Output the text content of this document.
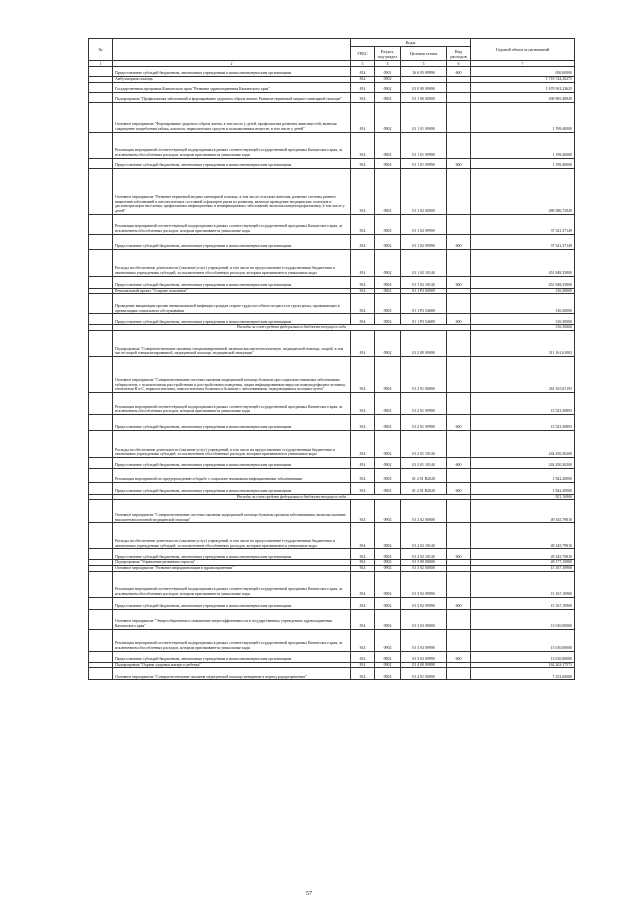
№		Коды				Годовой объем ассигнований
		ГРБС	Раздел, под-раздел	Целевая статья	Вид расходов	
1	2	3	4	5	6	7
	Предоставление субсидий бюджетным, автономным учреждениям и иным некоммерческим организациям	814	0901	16 6 05 09990	600	650,00000
	Амбулаторная помощь	814	0902			1 718 744,38275
	Государственная программа Камчатского края "Развитие здравоохранения Камчатского края"	814	0902	01 0 00 00000		1 670 941,23625
	Подпрограмма "Профилактика заболеваний и формирование здорового образа жизни. Развитие первичной медико-санитарной помощи"	814	0902	01 1 00 00000		490 905,48949
	Основное мероприятие "Формирование здорового образа жизни, в том числе у детей, профилактика развития зависимостей, включая сокращение потребления табака, алкоголя, наркотических средств и психоактивных веществ, в том числе у детей"	814	0902	01 1 01 00000		1 199,40000
	Реализация мероприятий соответствующей подпрограммы в рамках соответствующей государственной программы Камчатского края, за исключением обособленных расходов, которым присваиваются уникальные коды	814	0902	01 1 01 09990		1 199,40000
	Предоставление субсидий бюджетным, автономным учреждениям и иным некоммерческим организациям	814	0902	01 1 01 09990	600	1 199,40000
	Основное мероприятие "Развитие первичной медико-санитарной помощи, в том числе сельским жителям, развитие системы раннего выявления заболеваний и патологических состояний и факторов риска их развития, включая проведение медицинских осмотров и диспансеризации населения, профилактика инфекционных и неинфекционных заболеваний, включая иммунопрофилактику, в том числе у детей"	814	0902	01 1 02 00000		489 386,72949
	Реализация мероприятий соответствующей подпрограммы в рамках соответствующей государственной программы Камчатского края, за исключением обособленных расходов, которым присваиваются уникальные коды	814	0902	01 1 02 09990		37 541,37149
	Предоставление субсидий бюджетным, автономным учреждениям и иным некоммерческим организациям	814	0902	01 1 02 09990	600	37 541,37149
	Расходы на обеспечение деятельности (оказание услуг) учреждений, в том числе на предоставление государственным бюджетным и автономным учреждениям субсидий, за исключением обособленных расходов, которым присваиваются уникальные коды	814	0902	01 1 02 10140		451 848,35800
	Предоставление субсидий бюджетным, автономным учреждениям и иным некоммерческим организациям	814	0902	01 1 02 10140	600	451 848,35800
	Региональный проект "Старшее поколение"	814	0902	01 1 P3 00000		316,30000
	Проведение вакцинации против пневмококковой инфекции граждан старше трудоспособного возраста из групп риска, проживающих в организациях социального обслуживания	814	0902	01 1 P3 54680		316,30000
	Предоставление субсидий бюджетным, автономным учреждениям и иным некоммерческим организациям	814	0902	01 1 P3 54680	600	316,30000
	Расходы за счет средств федерального бюджета текущего года					316,30000
	Подпрограмма "Совершенствование оказания специализированной, включая высокотехнологичную, медицинской помощи, скорой, в том числе скорой специализированной, медицинской помощи, медицинской эвакуации"	814	0902	01 2 00 00000		311 161,61003
	Основное мероприятие "Совершенствование системы оказания медицинской помощи больным при социально-значимых заболеваниях: туберкулезом, с психическими расстройствами и расстройствами поведения, лицам инфицированным вирусом иммунодефицита человека, гепатитами В и С, наркологическим, онкологическим больным и больным с заболеваниями, передающимися половым путем"	814	0902	01 2 01 00000		261 815,81193
	Реализация мероприятий соответствующей подпрограммы в рамках соответствующей государственной программы Камчатского края, за исключением обособленных расходов, которым присваиваются уникальные коды	814	0902	01 2 01 09990		15 523,30893
	Предоставление субсидий бюджетным, автономным учреждениям и иным некоммерческим организациям	814	0902	01 2 01 09990	600	15 523,30893
	Расходы на обеспечение деятельности (оказание услуг) учреждений, в том числе на предоставление государственным бюджетным и автономным учреждениям субсидий, за исключением обособленных расходов, которым присваиваются уникальные коды	814	0902	01 2 01 10140		244 450,30200
	Предоставление субсидий бюджетным, автономным учреждениям и иным некоммерческим организациям	814	0902	01 2 01 10140	600	244 450,30200
	Реализация мероприятий по предупреждению и борьбе с социально значимыми инфекционными заболеваниями	814	0902	01 2 01 R2020		1 842,20000
	Предоставление субсидий бюджетным, автономным учреждениям и иным некоммерческим организациям	814	0902	01 2 01 R2020	600	1 842,20000
	Расходы за счет средств федерального бюджета текущего года					921,10000
	Основное мероприятие "Совершенствование системы оказания медицинской помощи больным прочими заболеваниями, включая оказание высокотехнологичной медицинской помощи"	814	0902	01 2 02 00000		49 345,79810
	Расходы на обеспечение деятельности (оказание услуг) учреждений, в том числе на предоставление государственным бюджетным и автономным учреждениям субсидий, за исключением обособленных расходов, которым присваиваются уникальные коды	814	0902	01 2 02 10140		49 345,79810
	Предоставление субсидий бюджетным, автономным учреждениям и иным некоммерческим организациям	814	0902	01 2 02 10140	600	49 345,79810
	Подпрограмма "Управление развитием отрасли"	814	0902	01 3 00 00000		28 177,10900
	Основное мероприятие "Развитие информатизации в здравоохранении"	814	0902	01 3 02 00000		15 167,10900
	Реализация мероприятий соответствующей подпрограммы в рамках соответствующей государственной программы Камчатского края, за исключением обособленных расходов, которым присваиваются уникальные коды	814	0902	01 3 02 09990		15 167,10900
	Предоставление субсидий бюджетным, автономным учреждениям и иным некоммерческим организациям	814	0902	01 3 02 09990	600	15 167,10900
	Основное мероприятие "Энергосбережение и повышение энергоэффективности в государственных учреждениях здравоохранения Камчатского края"	814	0902	01 3 03 00000		13 010,00000
	Реализация мероприятий соответствующей подпрограммы в рамках соответствующей государственной программы Камчатского края, за исключением обособленных расходов, которым присваиваются уникальные коды	814	0902	01 3 03 09990		13 010,00000
	Предоставление субсидий бюджетным, автономным учреждениям и иным некоммерческим организациям	814	0902	01 3 03 09990	600	13 010,00000
	Подпрограмма "Охрана здоровья матери и ребенка"	814	0902	01 4 00 00000		162 263,17573
	Основное мероприятие "Совершенствование оказания медицинской помощи женщинам в период родоразрешения"	814	0902	01 4 01 00000		7 252,60000
57
